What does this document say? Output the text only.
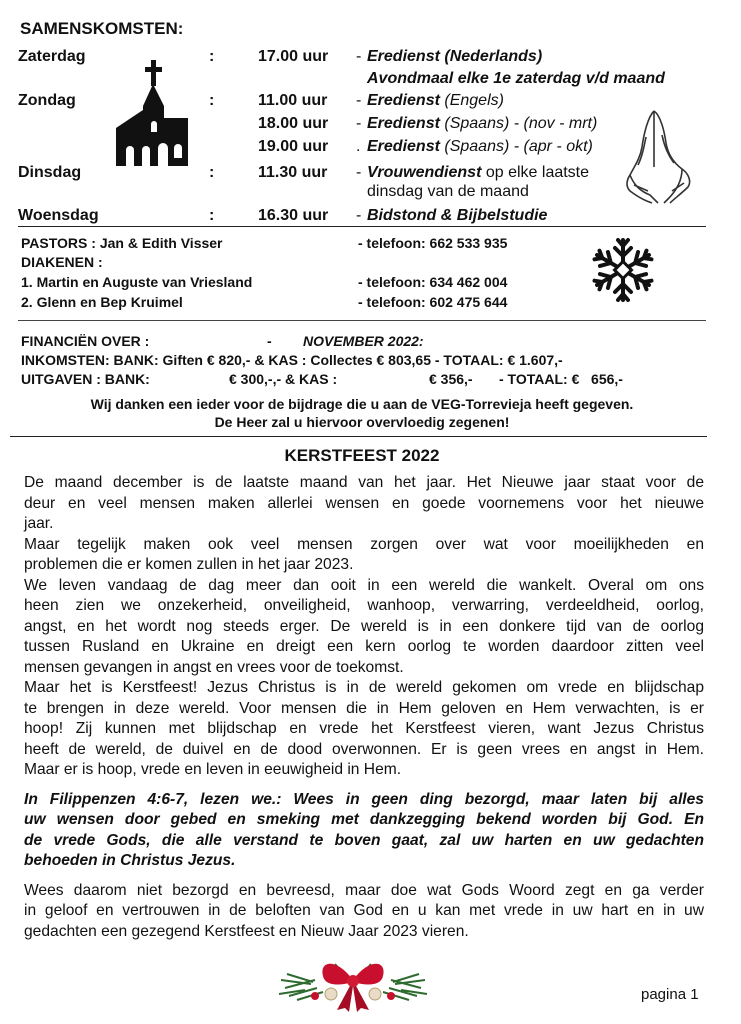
SAMENSKOMSTEN:
Zaterdag	:	17.00 uur - Eredienst (Nederlands)
Avondmaal elke 1e zaterdag v/d maand
Zondag	:	11.00 uur - Eredienst (Engels)
18.00 uur - Eredienst (Spaans) - (nov - mrt)
19.00 uur . Eredienst (Spaans) - (apr - okt)
Dinsdag	:	11.30 uur - Vrouwendienst op elke laatste
dinsdag van de maand
Woensdag	:	16.30 uur - Bidstond & Bijbelstudie
PASTORS : Jan & Edith Visser	- telefoon: 662 533 935
DIAKENEN :
1. Martin en Auguste van Vriesland	- telefoon: 634 462 004
2. Glenn en Bep Kruimel	- telefoon: 602 475 644
FINANCIËN OVER :	- NOVEMBER 2022:
INKOMSTEN: BANK: Giften € 820,- & KAS : Collectes € 803,65 - TOTAAL: € 1.607,-
UITGAVEN : BANK:	€ 300,-,- & KAS :	€ 356,- - TOTAAL: €   656,-
Wij danken een ieder voor de bijdrage die u aan de VEG-Torrevieja heeft gegeven.
De Heer zal u hiervoor overvloedig zegenen!
KERSTFEEST 2022

De maand december is de laatste maand van het jaar. Het Nieuwe jaar staat voor de
deur en veel mensen maken allerlei wensen en goede voornemens voor het nieuwe
jaar.

Maar tegelijk maken ook veel mensen zorgen over wat voor moeilijkheden en
problemen die er komen zullen in het jaar 2023.

We leven vandaag de dag meer dan ooit in een wereld die wankelt. Overal om ons
heen zien we onzekerheid, onveiligheid, wanhoop, verwarring, verdeeldheid, oorlog,
angst, en het wordt nog steeds erger. De wereld is in een donkere tijd van de oorlog
tussen Rusland en Ukraine en dreigt een kern oorlog te worden daardoor zitten veel
mensen gevangen in angst en vrees voor de toekomst.

Maar het is Kerstfeest! Jezus Christus is in de wereld gekomen om vrede en blijdschap
te brengen in deze wereld. Voor mensen die in Hem geloven en Hem verwachten, is er
hoop! Zij kunnen met blijdschap en vrede het Kerstfeest vieren, want Jezus Christus
heeft de wereld, de duivel en de dood overwonnen. Er is geen vrees en angst in Hem.
Maar er is hoop, vrede en leven in eeuwigheid in Hem.

In Filippenzen 4:6-7, lezen we.: Wees in geen ding bezorgd, maar laten bij alles
uw wensen door gebed en smeking met dankzegging bekend worden bij God. En
de vrede Gods, die alle verstand te boven gaat, zal uw harten en uw gedachten
behoeden in Christus Jezus.

Wees daarom niet bezorgd en bevreesd, maar doe wat Gods Woord zegt en ga verder
in geloof en vertrouwen in de beloften van God en u kan met vrede in uw hart en in uw
gedachten een gezegend Kerstfeest en Nieuw Jaar 2023 vieren.

pagina 1
